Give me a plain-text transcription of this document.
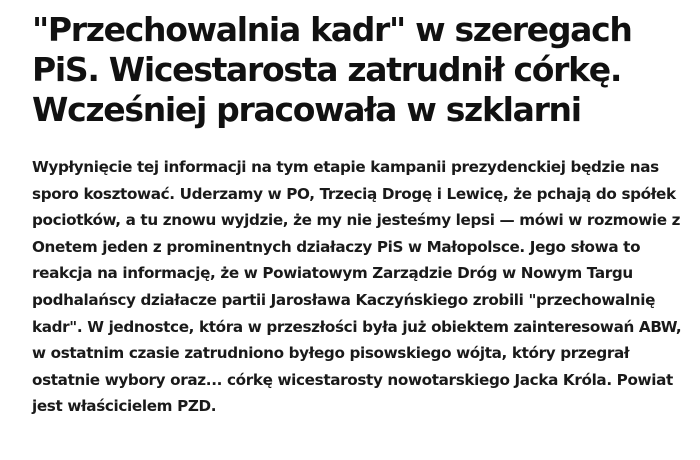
"Przechowalnia kadr" w szeregach PiS. Wicestarosta zatrudnił córkę. Wcześniej pracowała w szklarni

Wypłynięcie tej informacji na tym etapie kampanii prezydenckiej będzie nas sporo kosztować. Uderzamy w PO, Trzecią Drogę i Lewicę, że pchają do spółek pociotków, a tu znowu wyjdzie, że my nie jesteśmy lepsi — mówi w rozmowie z Onetem jeden z prominentnych działaczy PiS w Małopolsce. Jego słowa to reakcja na informację, że w Powiatowym Zarządzie Dróg w Nowym Targu podhalańscy działacze partii Jarosława Kaczyńskiego zrobili "przechowalnię kadr". W jednostce, która w przeszłości była już obiektem zainteresowań ABW, w ostatnim czasie zatrudniono byłego pisowskiego wójta, który przegrał ostatnie wybory oraz... córkę wicestarosty nowotarskiego Jacka Króla. Powiat jest właścicielem PZD.
